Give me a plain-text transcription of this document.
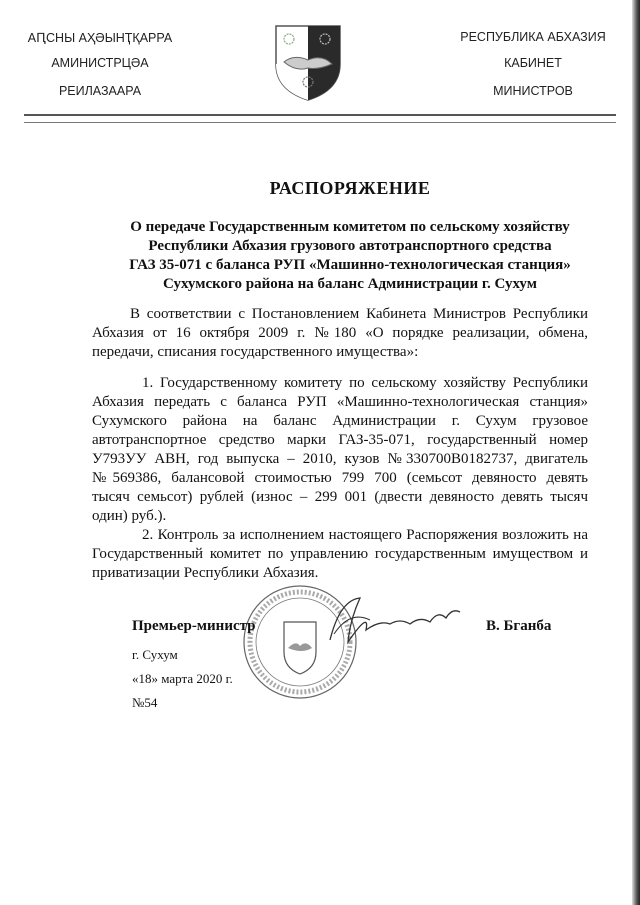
АԤСНЫ АҲӘЫНҬҚАРРА
АМИНИСТРЦӘА
РЕИЛАЗААРА
РЕСПУБЛИКА АБХАЗИЯ
КАБИНЕТ
МИНИСТРОВ
РАСПОРЯЖЕНИЕ
О передаче Государственным комитетом по сельскому хозяйству
Республики Абхазия грузового автотранспортного средства
ГАЗ 35-071 с баланса РУП «Машинно-технологическая станция»
Сухумского района на баланс Администрации г. Сухум
В соответствии с Постановлением Кабинета Министров Республики
Абхазия от 16 октября 2009 г. №180 «О порядке реализации, обмена,
передачи, списания государственного имущества»:
1. Государственному комитету по сельскому хозяйству Республики
Абхазия передать с баланса РУП «Машинно-технологическая станция»
Сухумского района на баланс Администрации г. Сухум грузовое
автотранспортное средство марки ГАЗ-35-071, государственный номер
У793УУ АВН, год выпуска – 2010, кузов №330700В0182737, двигатель
№569386, балансовой стоимостью 799 700 (семьсот девяносто девять
тысяч семьсот) рублей (износ – 299 001 (двести девяносто девять тысяч
один) руб.).
2. Контроль за исполнением настоящего Распоряжения возложить на
Государственный комитет по управлению государственным имуществом и
приватизации Республики Абхазия.
Премьер-министр	В. Бганба
г. Сухум
«18» марта 2020 г.
№54
